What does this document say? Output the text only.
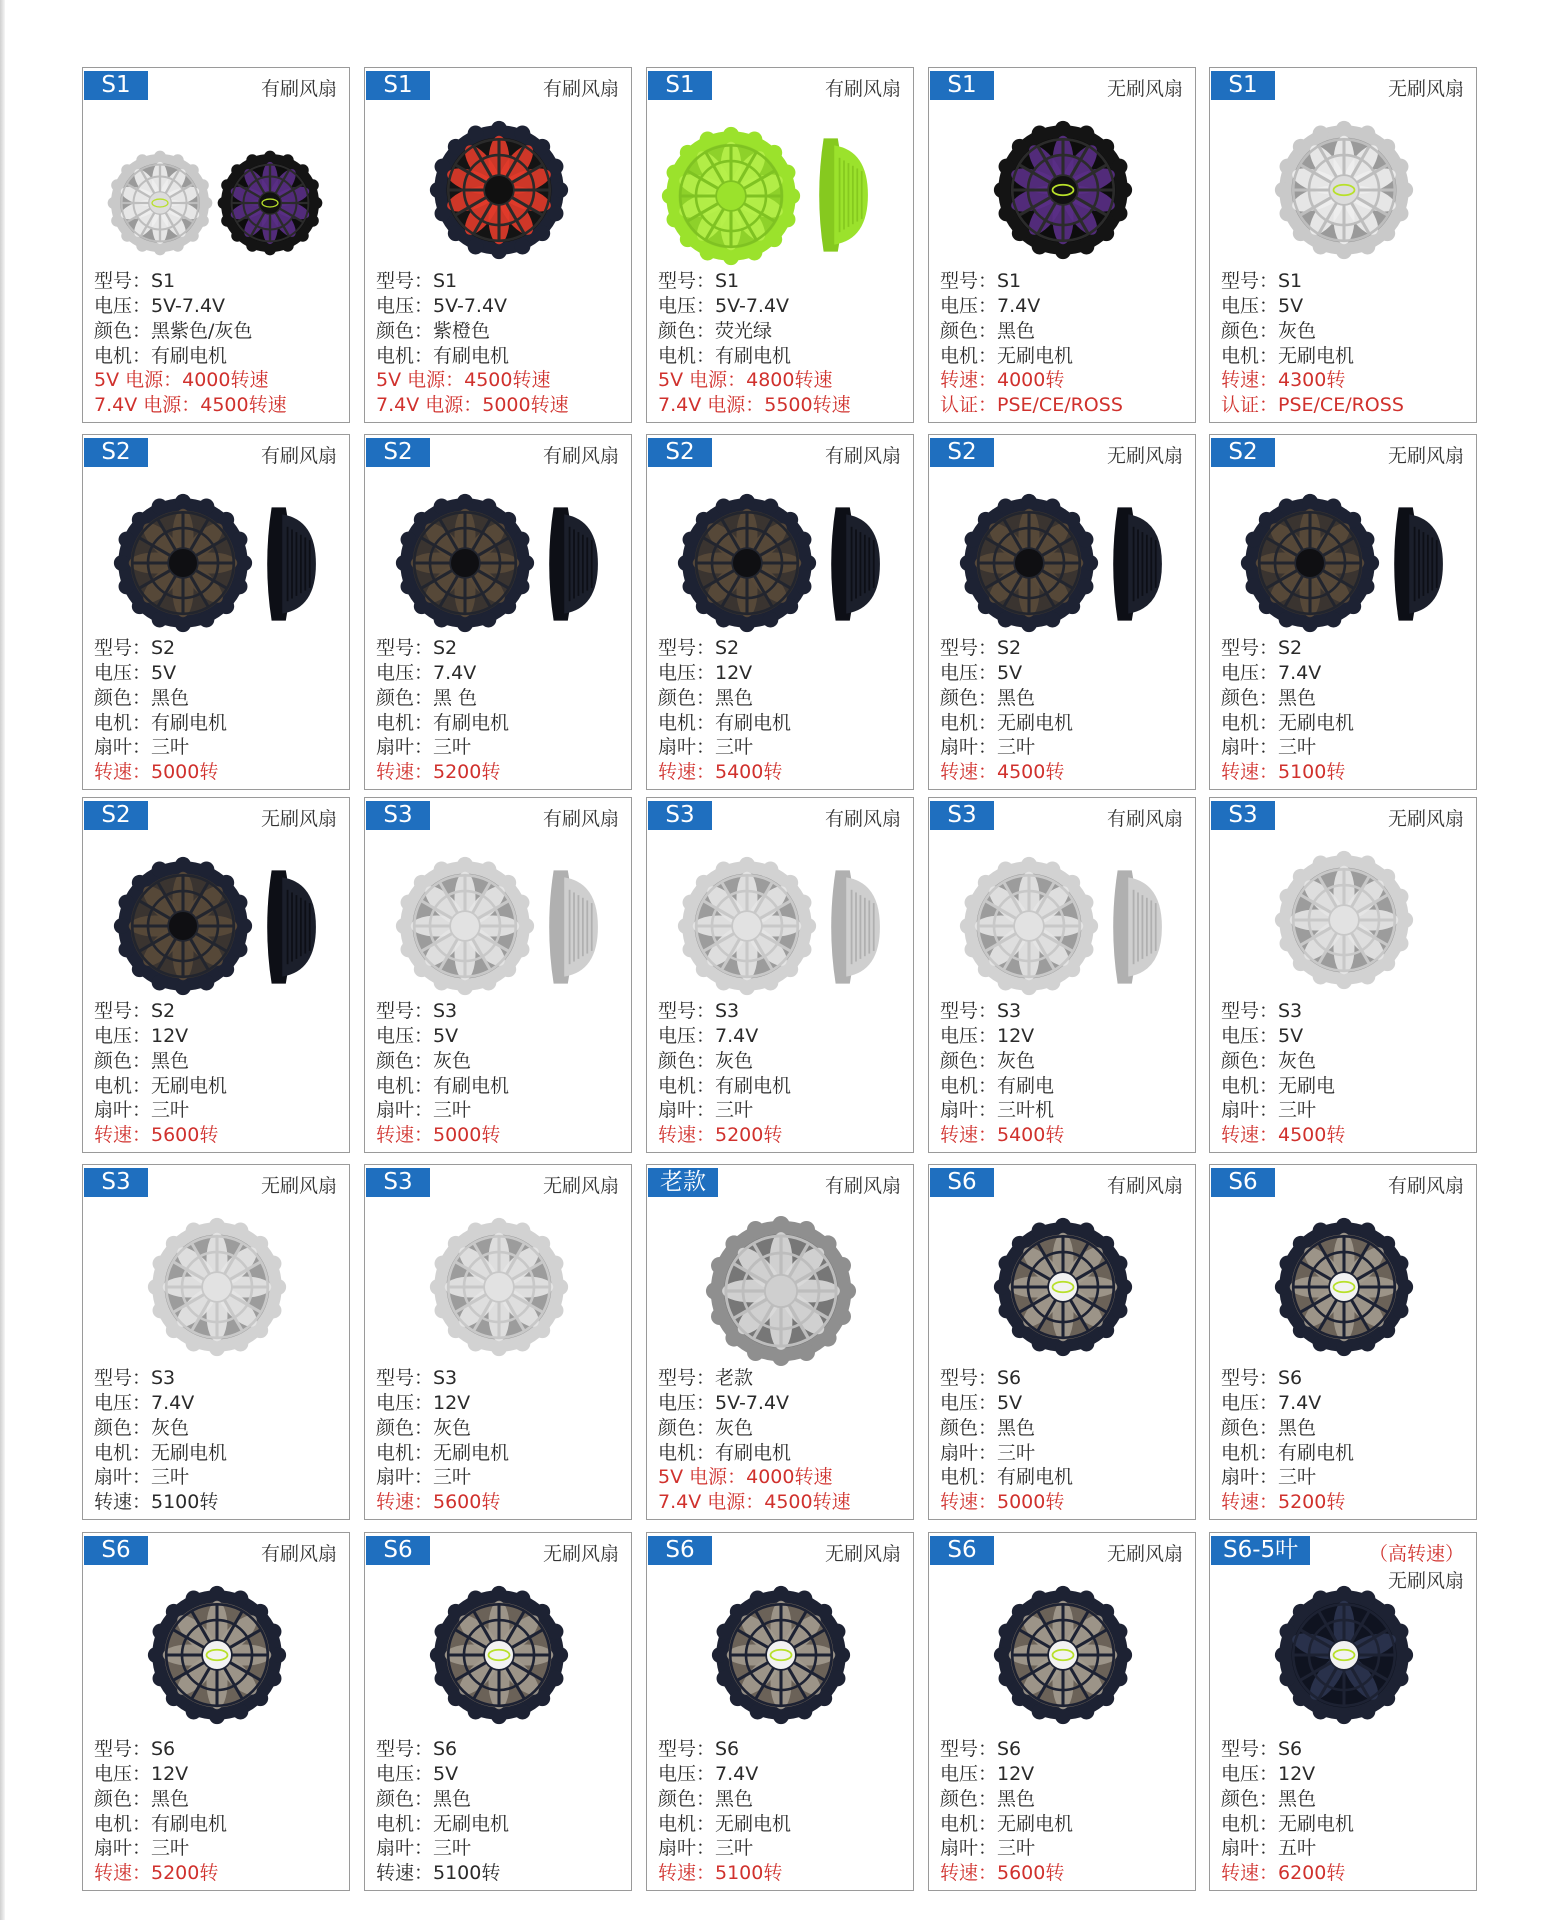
S1	有刷风扇
型号：S1
电压：5V-7.4V
颜色：黑紫色/灰色
电机：有刷电机
5V 电源：4000转速
7.4V 电源：4500转速
S1	有刷风扇
型号：S1
电压：5V-7.4V
颜色：紫橙色
电机：有刷电机
5V 电源：4500转速
7.4V 电源：5000转速
S1	有刷风扇
型号：S1
电压：5V-7.4V
颜色：荧光绿
电机：有刷电机
5V 电源：4800转速
7.4V 电源：5500转速
S1	无刷风扇
型号：S1
电压：7.4V
颜色：黑色
电机：无刷电机
转速：4000转
认证：PSE/CE/ROSS
S1	无刷风扇
型号：S1
电压：5V
颜色：灰色
电机：无刷电机
转速：4300转
认证：PSE/CE/ROSS
S2	有刷风扇
型号：S2
电压：5V
颜色：黑色
电机：有刷电机
扇叶：三叶
转速：5000转
S2	有刷风扇
型号：S2
电压：7.4V
颜色：黑 色
电机：有刷电机
扇叶：三叶
转速：5200转
S2	有刷风扇
型号：S2
电压：12V
颜色：黑色
电机：有刷电机
扇叶：三叶
转速：5400转
S2	无刷风扇
型号：S2
电压：5V
颜色：黑色
电机：无刷电机
扇叶：三叶
转速：4500转
S2	无刷风扇
型号：S2
电压：7.4V
颜色：黑色
电机：无刷电机
扇叶：三叶
转速：5100转
S2	无刷风扇
型号：S2
电压：12V
颜色：黑色
电机：无刷电机
扇叶：三叶
转速：5600转
S3	有刷风扇
型号：S3
电压：5V
颜色：灰色
电机：有刷电机
扇叶：三叶
转速：5000转
S3	有刷风扇
型号：S3
电压：7.4V
颜色：灰色
电机：有刷电机
扇叶：三叶
转速：5200转
S3	有刷风扇
型号：S3
电压：12V
颜色：灰色
电机：有刷电
扇叶：三叶机
转速：5400转
S3	无刷风扇
型号：S3
电压：5V
颜色：灰色
电机：无刷电
扇叶：三叶
转速：4500转
S3	无刷风扇
型号：S3
电压：7.4V
颜色：灰色
电机：无刷电机
扇叶：三叶
转速：5100转
S3	无刷风扇
型号：S3
电压：12V
颜色：灰色
电机：无刷电机
扇叶：三叶
转速：5600转
老款	有刷风扇
型号：老款
电压：5V-7.4V
颜色：灰色
电机：有刷电机
5V 电源：4000转速
7.4V 电源：4500转速
S6	有刷风扇
型号：S6
电压：5V
颜色：黑色
扇叶：三叶
电机：有刷电机
转速：5000转
S6	有刷风扇
型号：S6
电压：7.4V
颜色：黑色
电机：有刷电机
扇叶：三叶
转速：5200转
S6	有刷风扇
型号：S6
电压：12V
颜色：黑色
电机：有刷电机
扇叶：三叶
转速：5200转
S6	无刷风扇
型号：S6
电压：5V
颜色：黑色
电机：无刷电机
扇叶：三叶
转速：5100转
S6	无刷风扇
型号：S6
电压：7.4V
颜色：黑色
电机：无刷电机
扇叶：三叶
转速：5100转
S6	无刷风扇
型号：S6
电压：12V
颜色：黑色
电机：无刷电机
扇叶：三叶
转速：5600转
S6-5叶	（高转速）
无刷风扇
型号：S6
电压：12V
颜色：黑色
电机：无刷电机
扇叶：五叶
转速：6200转
